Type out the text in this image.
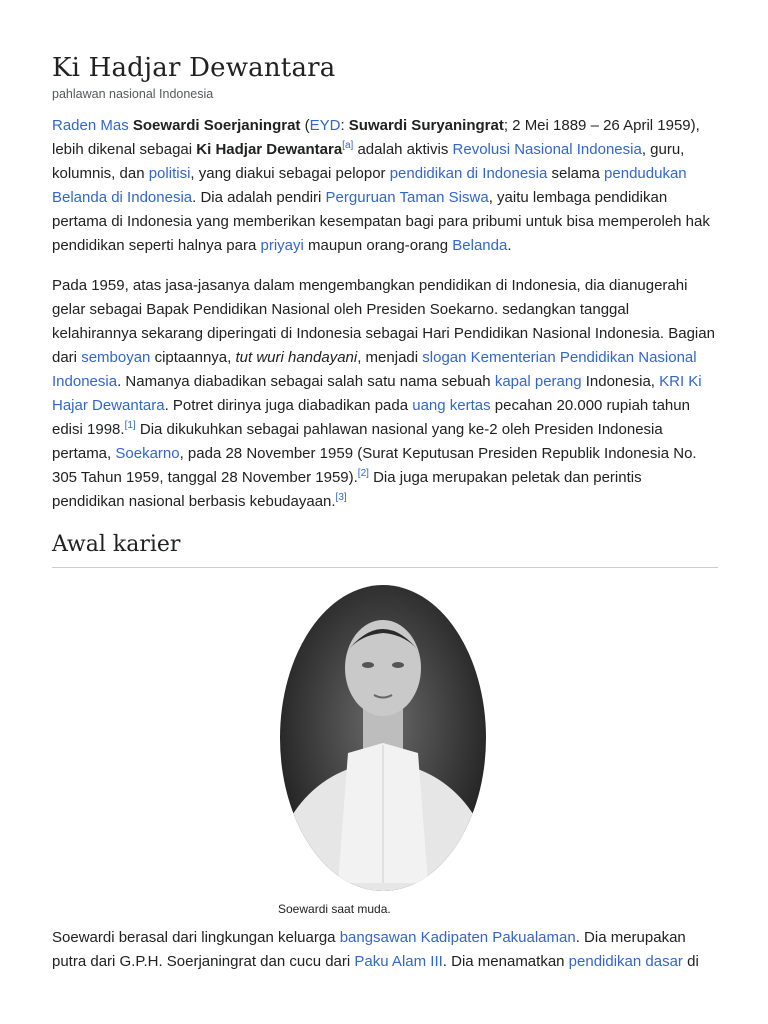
Ki Hadjar Dewantara
pahlawan nasional Indonesia

Raden Mas Soewardi Soerjaningrat (EYD: Suwardi Suryaningrat; 2 Mei 1889 – 26 April 1959), lebih dikenal sebagai Ki Hadjar Dewantara[a] adalah aktivis Revolusi Nasional Indonesia, guru, kolumnis, dan politisi, yang diakui sebagai pelopor pendidikan di Indonesia selama pendudukan Belanda di Indonesia. Dia adalah pendiri Perguruan Taman Siswa, yaitu lembaga pendidikan pertama di Indonesia yang memberikan kesempatan bagi para pribumi untuk bisa memperoleh hak pendidikan seperti halnya para priyayi maupun orang-orang Belanda.

Pada 1959, atas jasa-jasanya dalam mengembangkan pendidikan di Indonesia, dia dianugerahi gelar sebagai Bapak Pendidikan Nasional oleh Presiden Soekarno. sedangkan tanggal kelahirannya sekarang diperingati di Indonesia sebagai Hari Pendidikan Nasional Indonesia. Bagian dari semboyan ciptaannya, tut wuri handayani, menjadi slogan Kementerian Pendidikan Nasional Indonesia. Namanya diabadikan sebagai salah satu nama sebuah kapal perang Indonesia, KRI Ki Hajar Dewantara. Potret dirinya juga diabadikan pada uang kertas pecahan 20.000 rupiah tahun edisi 1998.[1] Dia dikukuhkan sebagai pahlawan nasional yang ke-2 oleh Presiden Indonesia pertama, Soekarno, pada 28 November 1959 (Surat Keputusan Presiden Republik Indonesia No. 305 Tahun 1959, tanggal 28 November 1959).[2] Dia juga merupakan peletak dan perintis pendidikan nasional berbasis kebudayaan.[3]

Awal karier
Soewardi saat muda.

Soewardi berasal dari lingkungan keluarga bangsawan Kadipaten Pakualaman. Dia merupakan putra dari G.P.H. Soerjaningrat dan cucu dari Paku Alam III. Dia menamatkan pendidikan dasar di
